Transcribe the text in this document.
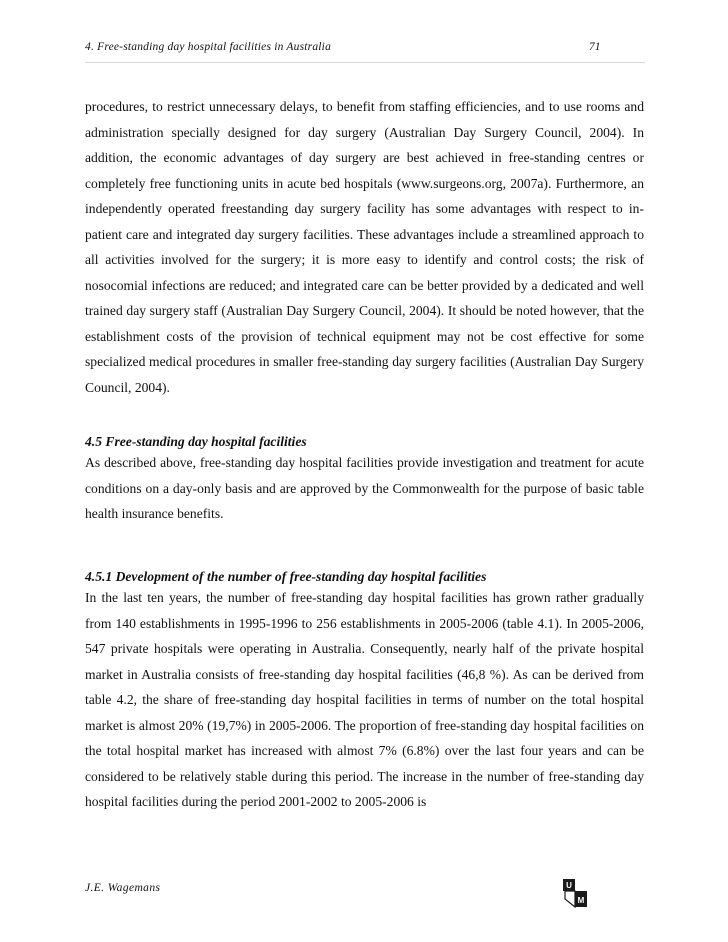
4. Free-standing day hospital facilities in Australia	71

procedures, to restrict unnecessary delays, to benefit from staffing efficiencies, and to use rooms and administration specially designed for day surgery (Australian Day Surgery Council, 2004). In addition, the economic advantages of day surgery are best achieved in free-standing centres or completely free functioning units in acute bed hospitals (www.surgeons.org, 2007a). Furthermore, an independently operated freestanding day surgery facility has some advantages with respect to in-patient care and integrated day surgery facilities. These advantages include a streamlined approach to all activities involved for the surgery; it is more easy to identify and control costs; the risk of nosocomial infections are reduced; and integrated care can be better provided by a dedicated and well trained day surgery staff (Australian Day Surgery Council, 2004). It should be noted however, that the establishment costs of the provision of technical equipment may not be cost effective for some specialized medical procedures in smaller free-standing day surgery facilities (Australian Day Surgery Council, 2004).

4.5 Free-standing day hospital facilities

As described above, free-standing day hospital facilities provide investigation and treatment for acute conditions on a day-only basis and are approved by the Commonwealth for the purpose of basic table health insurance benefits.

4.5.1 Development of the number of free-standing day hospital facilities

In the last ten years, the number of free-standing day hospital facilities has grown rather gradually from 140 establishments in 1995-1996 to 256 establishments in 2005-2006 (table 4.1). In 2005-2006, 547 private hospitals were operating in Australia. Consequently, nearly half of the private hospital market in Australia consists of free-standing day hospital facilities (46,8 %). As can be derived from table 4.2, the share of free-standing day hospital facilities in terms of number on the total hospital market is almost 20% (19,7%) in 2005-2006. The proportion of free-standing day hospital facilities on the total hospital market has increased with almost 7% (6.8%) over the last four years and can be considered to be relatively stable during this period. The increase in the number of free-standing day hospital facilities during the period 2001-2002 to 2005-2006 is

J.E. Wagemans	U
M
